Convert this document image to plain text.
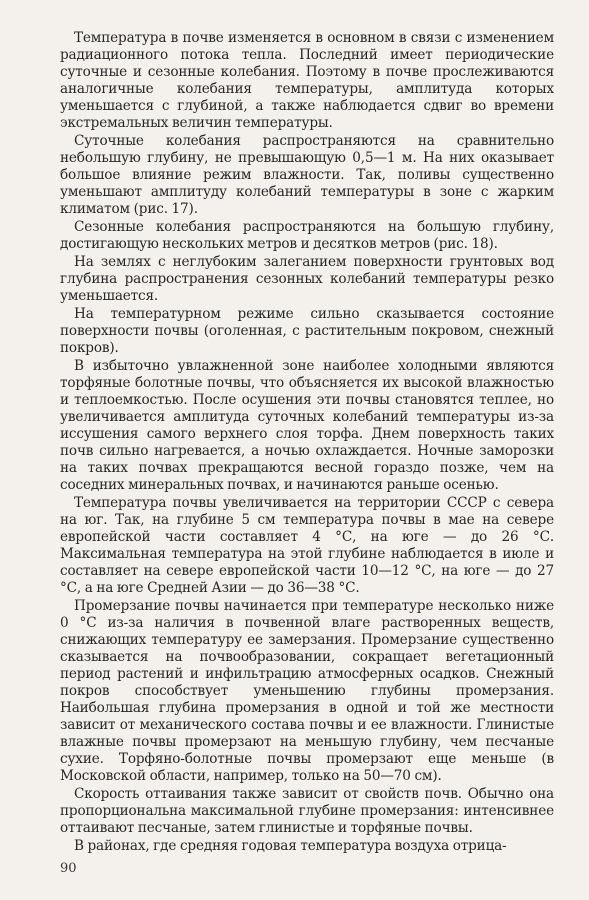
Температура в почве изменяется в основном в связи с изменением радиационного потока тепла. Последний имеет периодические суточные и сезонные колебания. Поэтому в почве прослеживаются аналогичные колебания температуры, амплитуда которых уменьшается с глубиной, а также наблюдается сдвиг во времени экстремальных величин температуры.

Суточные колебания распространяются на сравнительно небольшую глубину, не превышающую 0,5—1 м. На них оказывает большое влияние режим влажности. Так, поливы существенно уменьшают амплитуду колебаний температуры в зоне с жарким климатом (рис. 17).

Сезонные колебания распространяются на большую глубину, достигающую нескольких метров и десятков метров (рис. 18).

На землях с неглубоким залеганием поверхности грунтовых вод глубина распространения сезонных колебаний температуры резко уменьшается.

На температурном режиме сильно сказывается состояние поверхности почвы (оголенная, с растительным покровом, снежный покров).

В избыточно увлажненной зоне наиболее холодными являются торфяные болотные почвы, что объясняется их высокой влажностью и теплоемкостью. После осушения эти почвы становятся теплее, но увеличивается амплитуда суточных колебаний температуры из-за иссушения самого верхнего слоя торфа. Днем поверхность таких почв сильно нагревается, а ночью охлаждается. Ночные заморозки на таких почвах прекращаются весной гораздо позже, чем на соседних минеральных почвах, и начинаются раньше осенью.

Температура почвы увеличивается на территории СССР с севера на юг. Так, на глубине 5 см температура почвы в мае на севере европейской части составляет 4 °С, на юге — до 26 °С. Максимальная температура на этой глубине наблюдается в июле и составляет на севере европейской части 10—12 °С, на юге — до 27 °С, а на юге Средней Азии — до 36—38 °С.

Промерзание почвы начинается при температуре несколько ниже 0 °С из-за наличия в почвенной влаге растворенных веществ, снижающих температуру ее замерзания. Промерзание существенно сказывается на почвообразовании, сокращает вегетационный период растений и инфильтрацию атмосферных осадков. Снежный покров способствует уменьшению глубины промерзания. Наибольшая глубина промерзания в одной и той же местности зависит от механического состава почвы и ее влажности. Глинистые влажные почвы промерзают на меньшую глубину, чем песчаные сухие. Торфяно-болотные почвы промерзают еще меньше (в Московской области, например, только на 50—70 см).

Скорость оттаивания также зависит от свойств почв. Обычно она пропорциональна максимальной глубине промерзания: интенсивнее оттаивают песчаные, затем глинистые и торфяные почвы.

В районах, где средняя годовая температура воздуха отрица-

90
